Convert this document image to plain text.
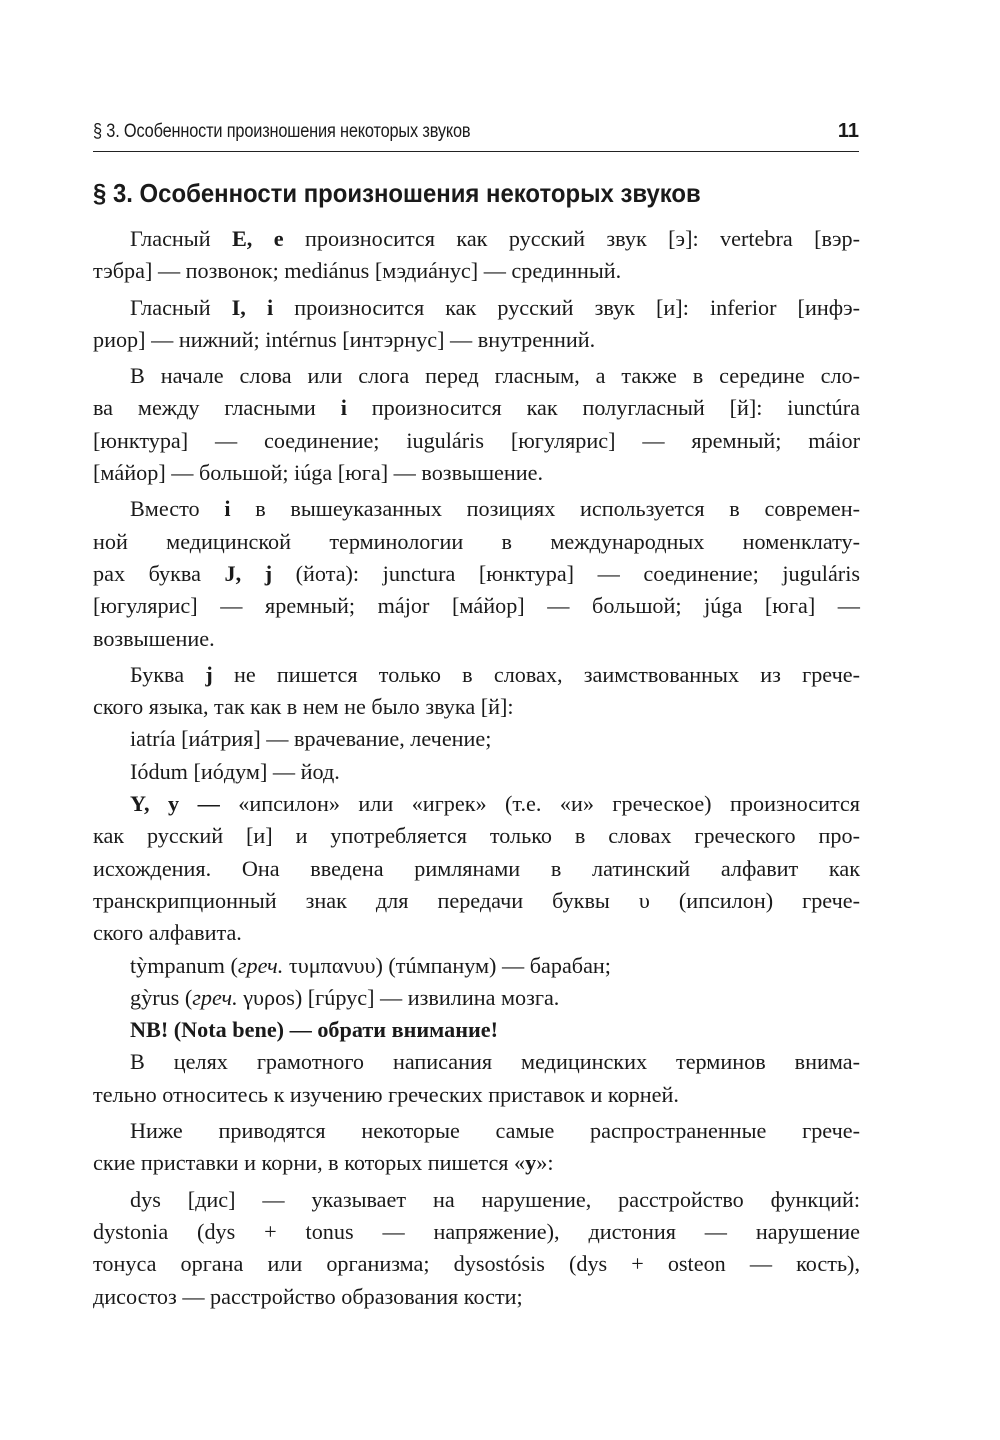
§ 3. Особенности произношения некоторых звуков	11
§ 3. Особенности произношения некоторых звуков
Гласный E, e произносится как русский звук [э]: vertebra [вэр-
тэбра] — позвонок; mediánus [мэдиáнус] — срединный.
Гласный I, i произносится как русский звук [и]: inferior [инфэ-
риор] — нижний; intérnus [интэрнус] — внутренний.
В начале слова или слога перед гласным, а также в середине сло-
ва между гласными i произносится как полугласный [й]: iunctúra
[юнктура] — соединение; iuguláris [югулярис] — яремный; máior
[мáйор] — большой; iúga [юга] — возвышение.
Вместо i в вышеуказанных позициях используется в современ-
ной медицинской терминологии в международных номенклату-
рах буква J, j (йота): junctura [юнктура] — соединение; juguláris
[югулярис] — яремный; májor [мáйор] — большой; júga [юга] —
возвышение.
Буква j не пишется только в словах, заимствованных из грече-
ского языка, так как в нем не было звука [й]:
iatría [иáтрия] — врачевание, лечение;
Iódum [иóдум] — йод.
Y, y — «ипсилон» или «игрек» (т.е. «и» греческое) произносится
как русский [и] и употребляется только в словах греческого про-
исхождения. Она введена римлянами в латинский алфавит как
транскрипционный знак для передачи буквы υ (ипсилон) грече-
ского алфавита.
tỳmpanum (греч. τυμπανυυ) (тúмпанум) — барабан;
gỳrus (греч. γυρos) [гúрус] — извилина мозга.
NB! (Nota bene) — обрати внимание!
В целях грамотного написания медицинских терминов внима-
тельно относитесь к изучению греческих приставок и корней.
Ниже приводятся некоторые самые распространенные грече-
ские приставки и корни, в которых пишется «y»:
dys [дис] — указывает на нарушение, расстройство функций:
dystonia (dys + tonus — напряжение), дистония — нарушение
тонуса органа или организма; dysostósis (dys + osteon — кость),
дисостоз — расстройство образования кости;
